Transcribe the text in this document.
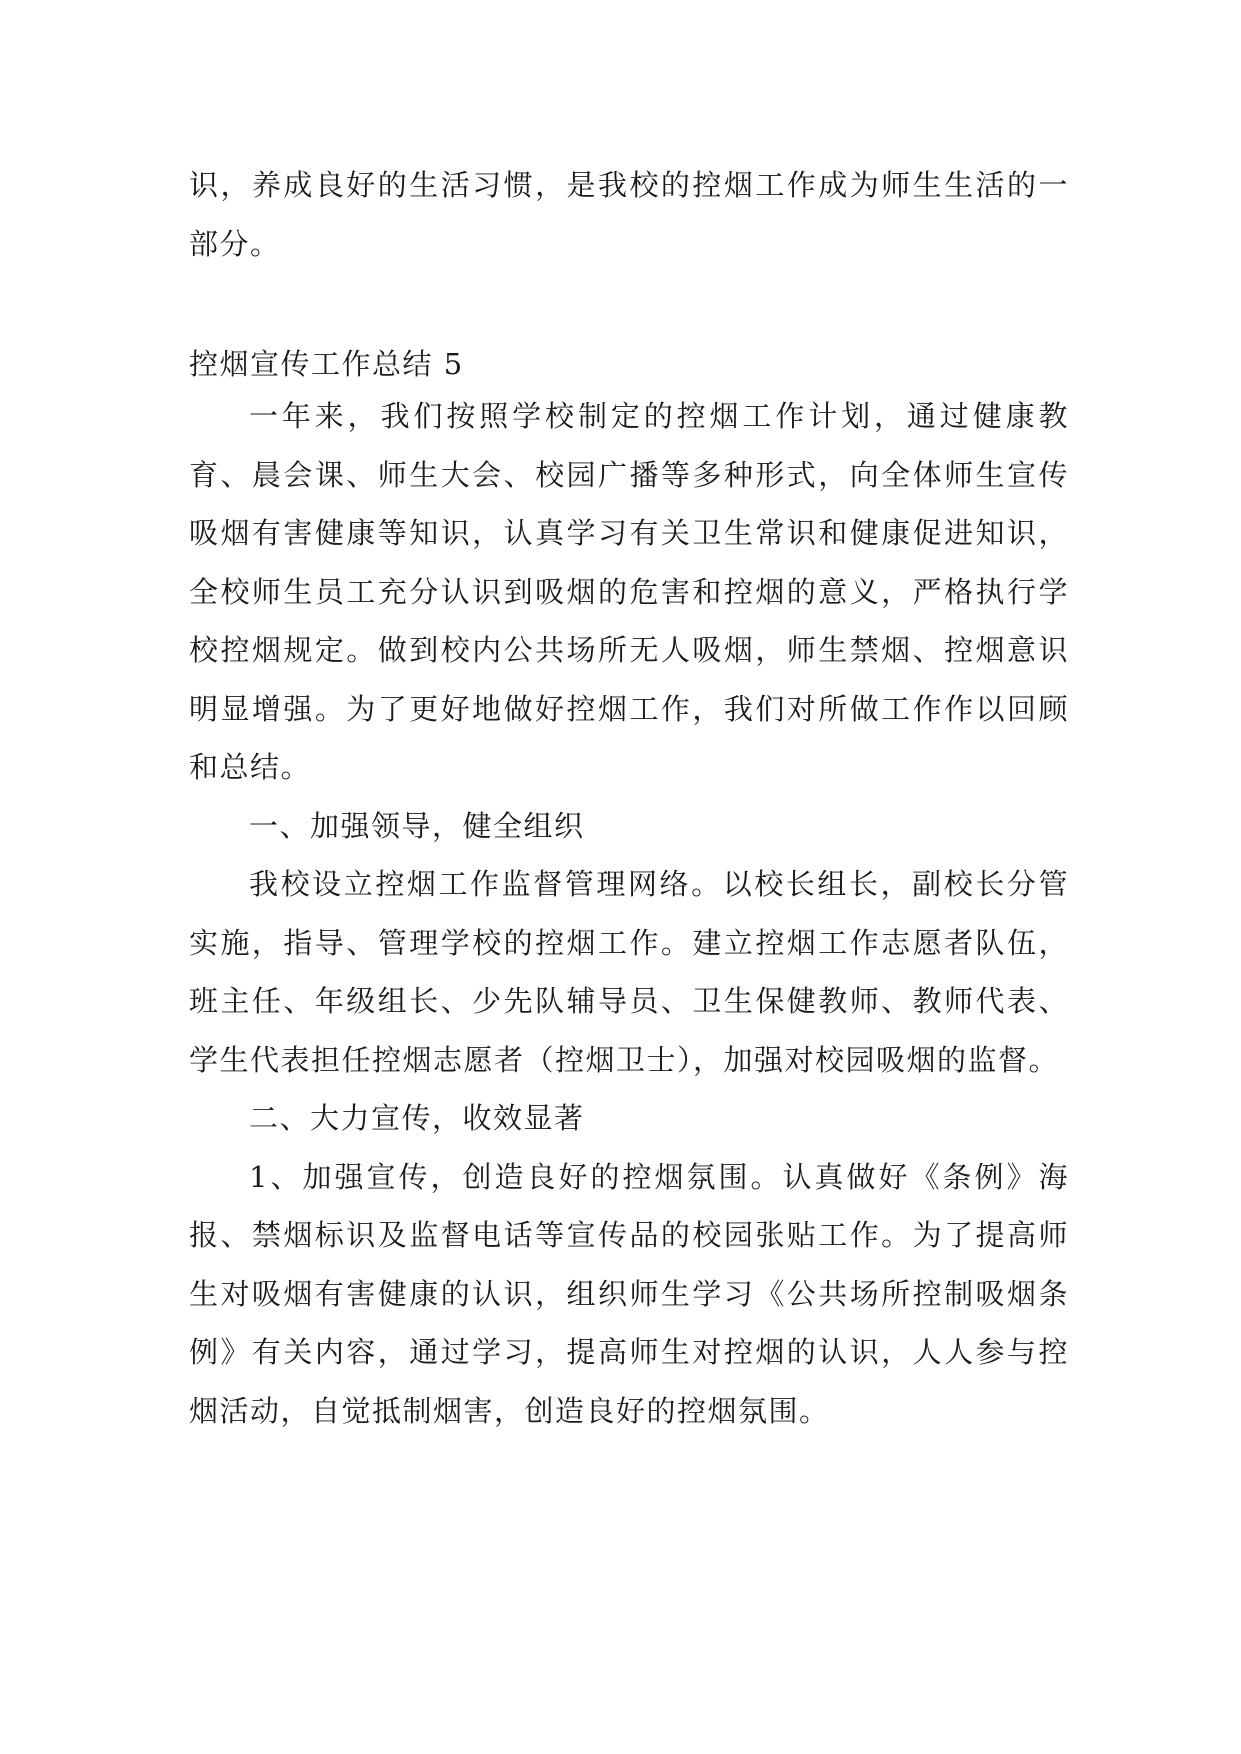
识，养成良好的生活习惯，是我校的控烟工作成为师生生活的一部分。

控烟宣传工作总结 5

一年来，我们按照学校制定的控烟工作计划，通过健康教育、晨会课、师生大会、校园广播等多种形式，向全体师生宣传吸烟有害健康等知识，认真学习有关卫生常识和健康促进知识，全校师生员工充分认识到吸烟的危害和控烟的意义，严格执行学校控烟规定。做到校内公共场所无人吸烟，师生禁烟、控烟意识明显增强。为了更好地做好控烟工作，我们对所做工作作以回顾和总结。

一、加强领导，健全组织

我校设立控烟工作监督管理网络。以校长组长，副校长分管实施，指导、管理学校的控烟工作。建立控烟工作志愿者队伍，班主任、年级组长、少先队辅导员、卫生保健教师、教师代表、学生代表担任控烟志愿者（控烟卫士），加强对校园吸烟的监督。

二、大力宣传，收效显著

1、加强宣传，创造良好的控烟氛围。认真做好《条例》海报、禁烟标识及监督电话等宣传品的校园张贴工作。为了提高师生对吸烟有害健康的认识，组织师生学习《公共场所控制吸烟条例》有关内容，通过学习，提高师生对控烟的认识，人人参与控烟活动，自觉抵制烟害，创造良好的控烟氛围。
